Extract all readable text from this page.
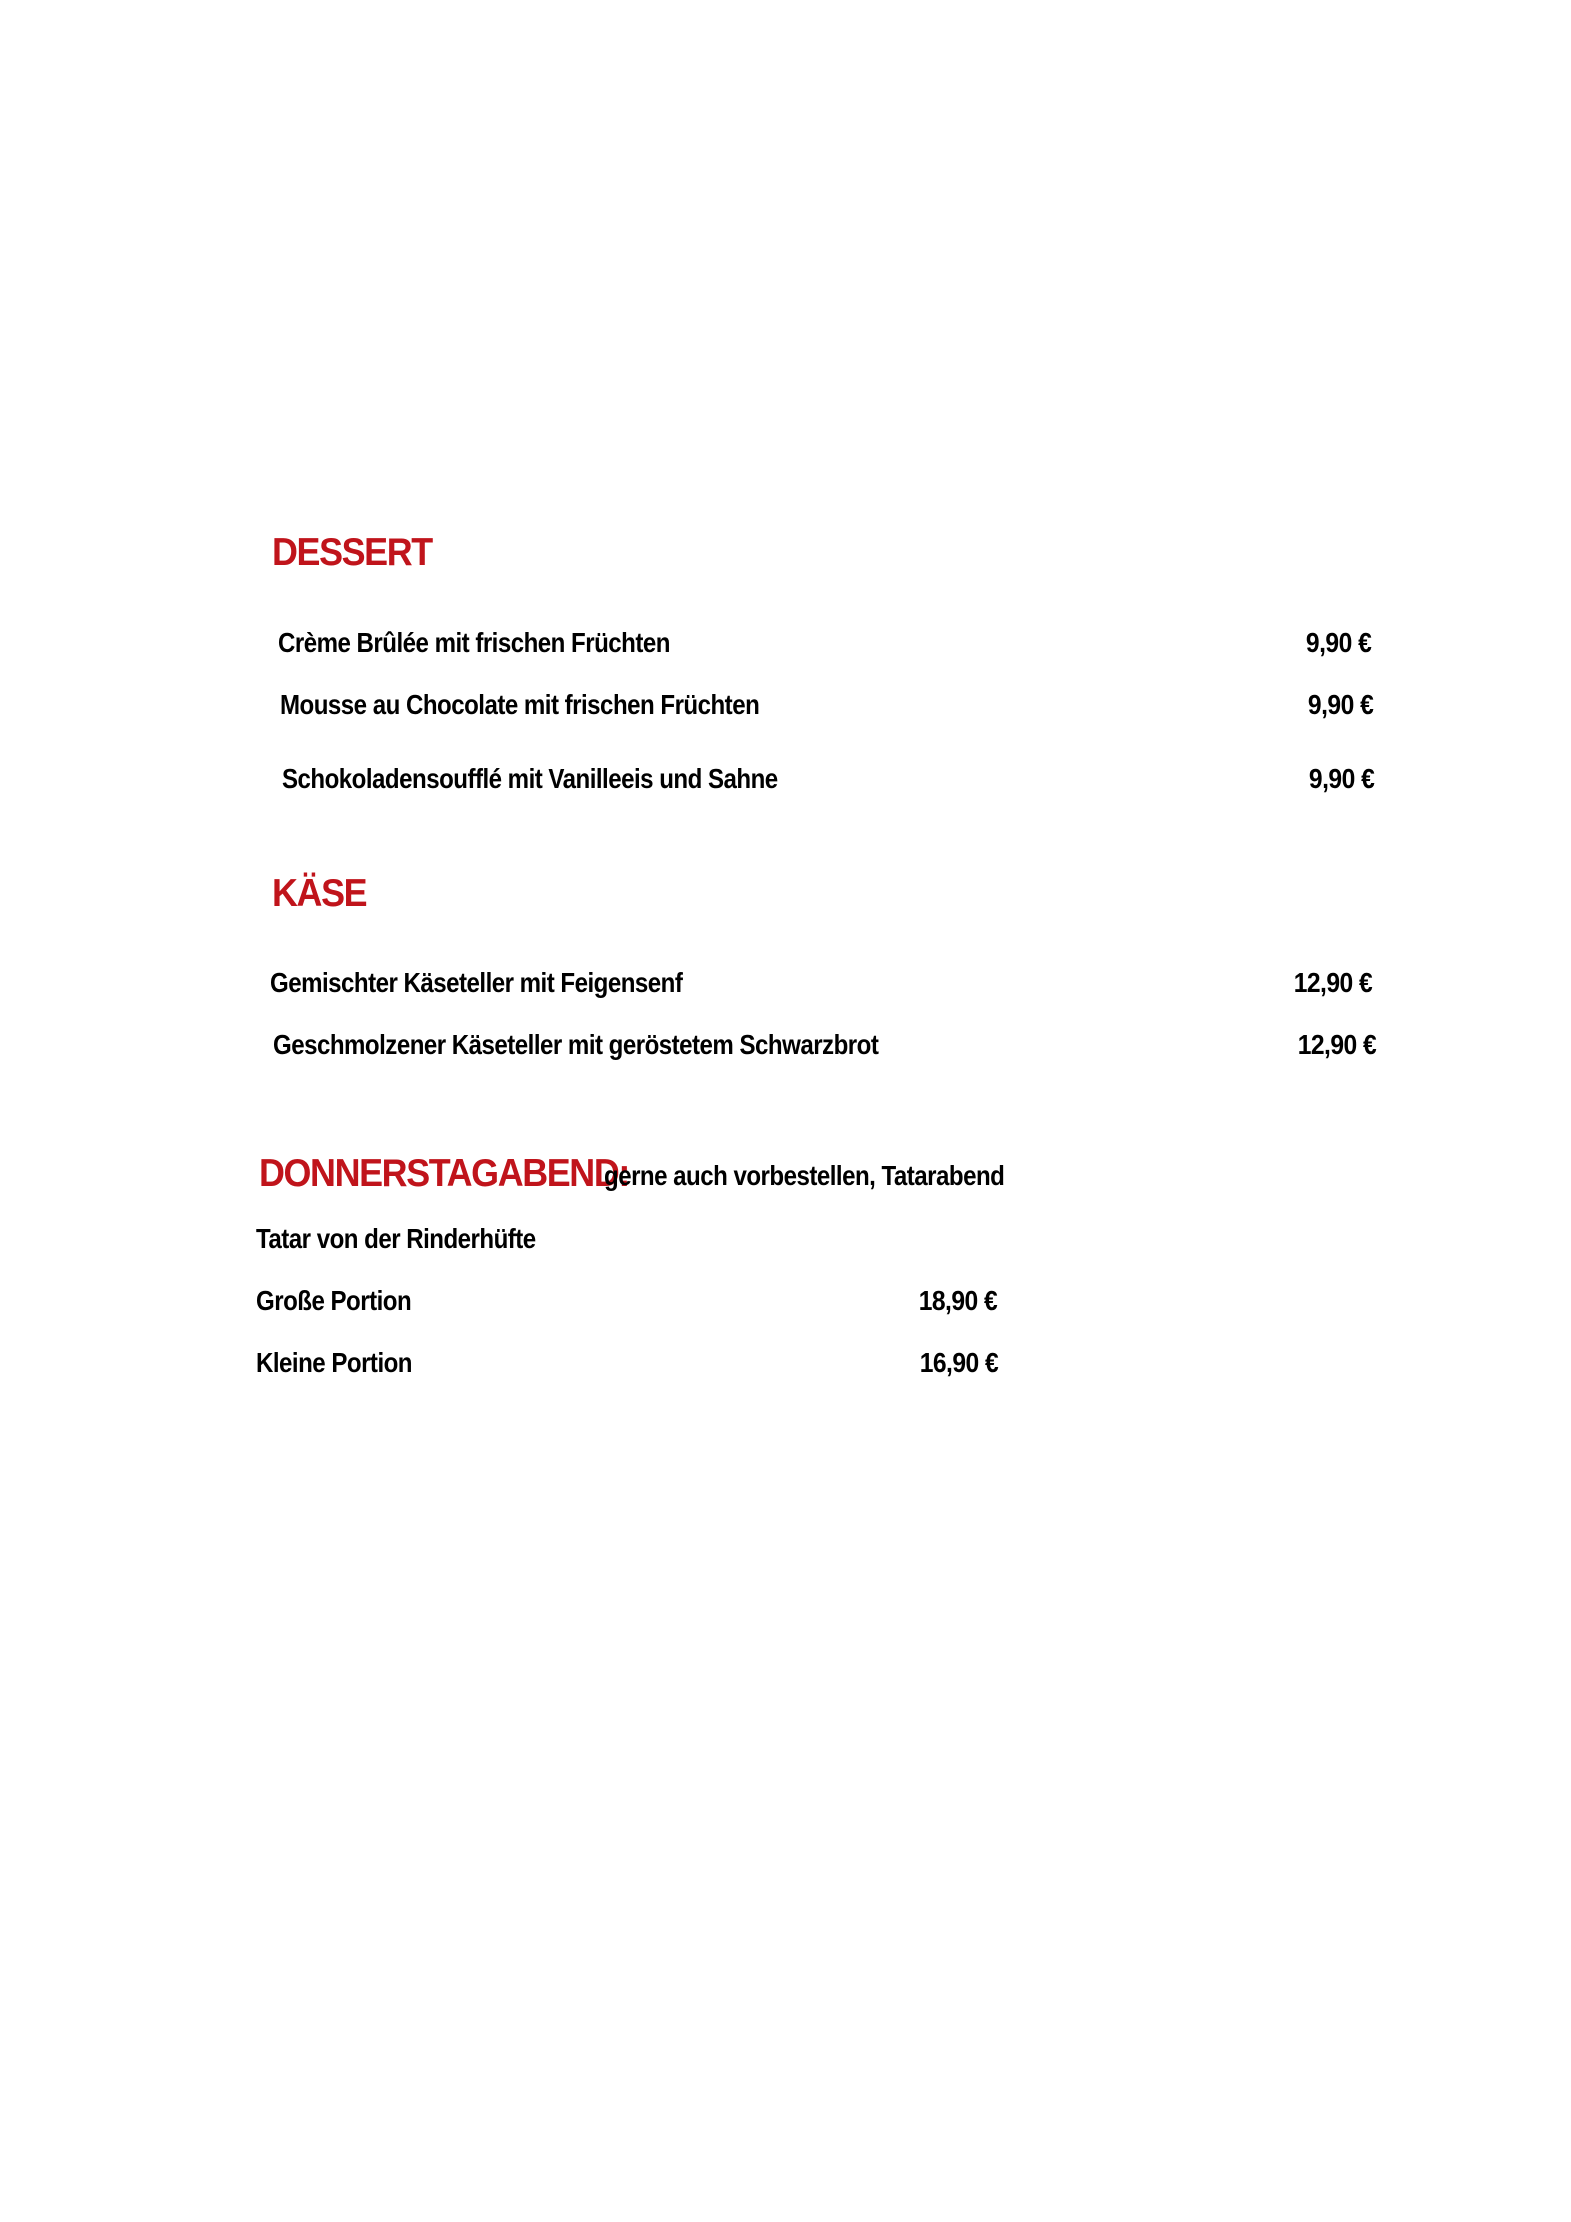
DESSERT
Crème Brûlée mit frischen Früchten	9,90 €
Mousse au Chocolate mit frischen Früchten	9,90 €
Schokoladensoufflé mit Vanilleeis und Sahne	9,90 €
KÄSE
Gemischter Käseteller mit Feigensenf	12,90 €
Geschmolzener Käseteller mit geröstetem Schwarzbrot	12,90 €
DONNERSTAGABEND:
gerne auch vorbestellen, Tatarabend
Tatar von der Rinderhüfte
Große Portion	18,90 €
Kleine Portion	16,90 €
